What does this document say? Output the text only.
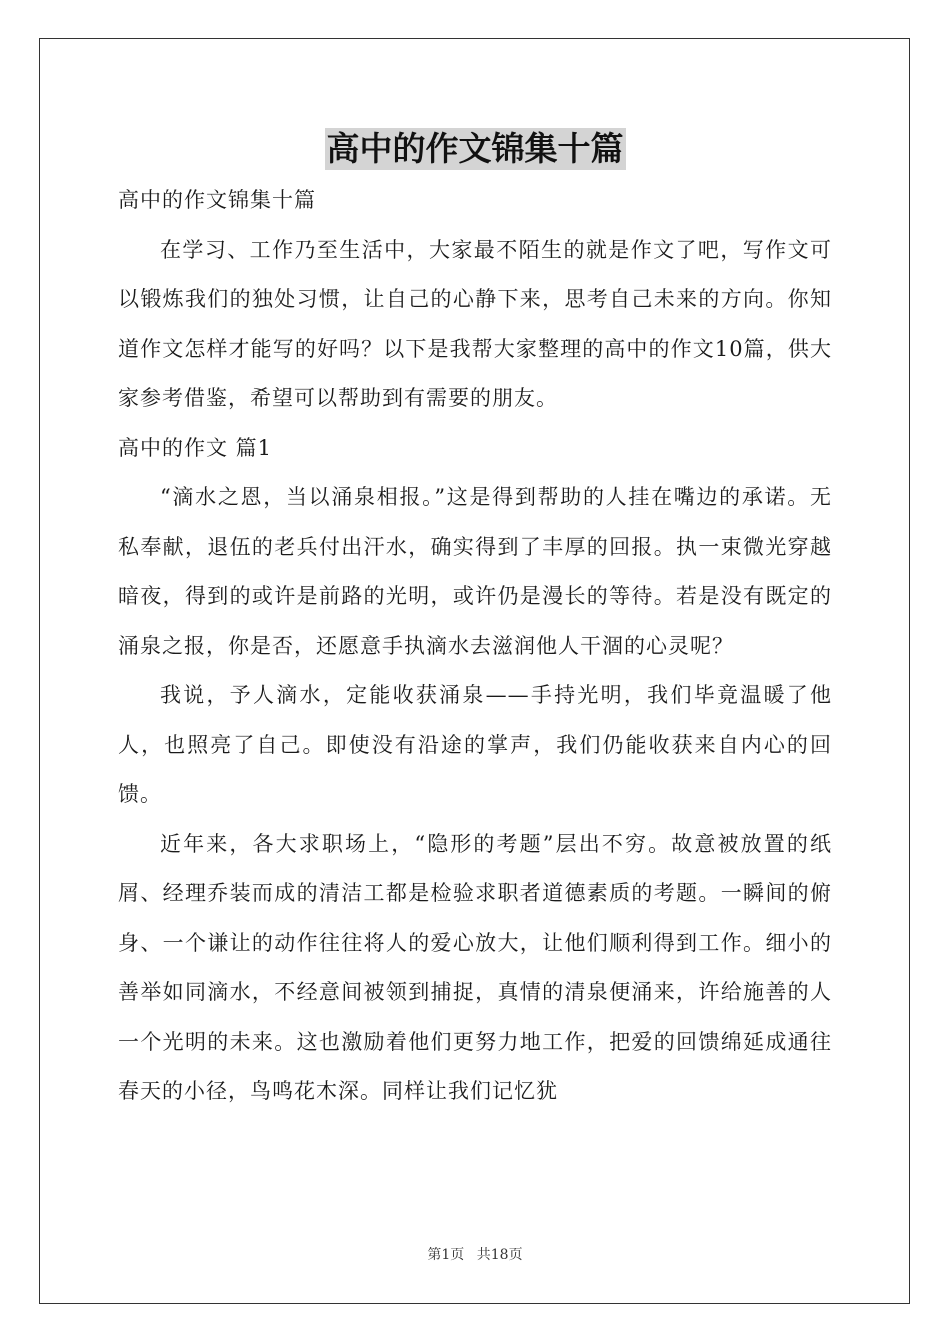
高中的作文锦集十篇

高中的作文锦集十篇

在学习、工作乃至生活中，大家最不陌生的就是作文了吧，写作文可以锻炼我们的独处习惯，让自己的心静下来，思考自己未来的方向。你知道作文怎样才能写的好吗？以下是我帮大家整理的高中的作文10篇，供大家参考借鉴，希望可以帮助到有需要的朋友。

高中的作文 篇1

“滴水之恩，当以涌泉相报。”这是得到帮助的人挂在嘴边的承诺。无私奉献，退伍的老兵付出汗水，确实得到了丰厚的回报。执一束微光穿越暗夜，得到的或许是前路的光明，或许仍是漫长的等待。若是没有既定的涌泉之报，你是否，还愿意手执滴水去滋润他人干涸的心灵呢？

我说，予人滴水，定能收获涌泉——手持光明，我们毕竟温暖了他人，也照亮了自己。即使没有沿途的掌声，我们仍能收获来自内心的回馈。

近年来，各大求职场上，“隐形的考题”层出不穷。故意被放置的纸屑、经理乔装而成的清洁工都是检验求职者道德素质的考题。一瞬间的俯身、一个谦让的动作往往将人的爱心放大，让他们顺利得到工作。细小的善举如同滴水，不经意间被领到捕捉，真情的清泉便涌来，许给施善的人一个光明的未来。这也激励着他们更努力地工作，把爱的回馈绵延成通往春天的小径，鸟鸣花木深。同样让我们记忆犹

第1页 共18页
